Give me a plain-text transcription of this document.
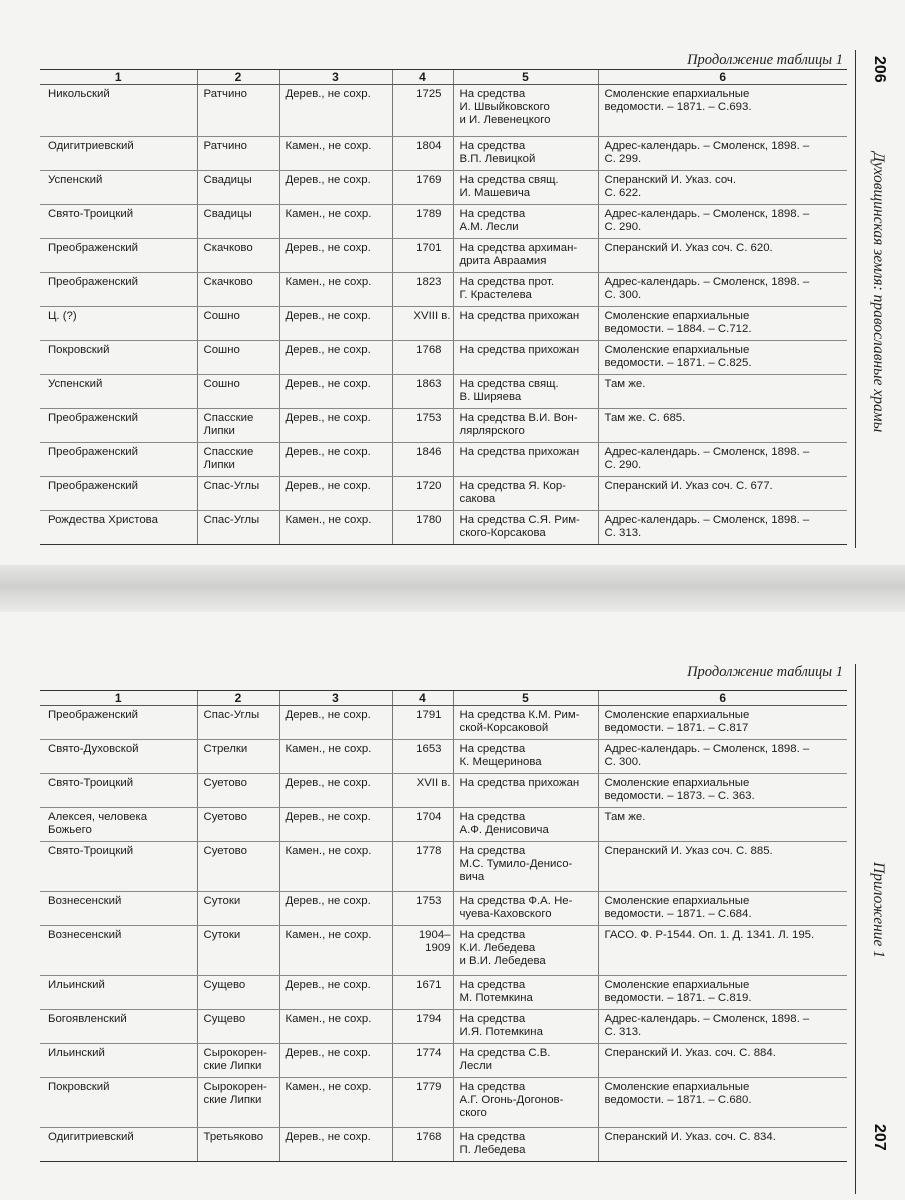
Продолжение таблицы 1	206
Духовщинская земля: православные храмы
1	2	3	4	5	6
Никольский	Ратчино	Дерев., не сохр.	1725	На средства
И. Швыйковского
и И. Левенецкого	Смоленские епархиальные
ведомости. – 1871. – С.693.
Одигитриевский	Ратчино	Камен., не сохр.	1804	На средства
В.П. Левицкой	Адрес-календарь. – Смоленск, 1898. –
С. 299.
Успенский	Свадицы	Дерев., не сохр.	1769	На средства свящ.
И. Машевича	Сперанский И. Указ. соч.
С. 622.
Свято-Троицкий	Свадицы	Камен., не сохр.	1789	На средства
А.М. Лесли	Адрес-календарь. – Смоленск, 1898. –
С. 290.
Преображенский	Скачково	Дерев., не сохр.	1701	На средства архиман-
дрита Авраамия	Сперанский И. Указ соч. С. 620.
Преображенский	Скачково	Камен., не сохр.	1823	На средства прот.
Г. Крастелева	Адрес-календарь. – Смоленск, 1898. –
С. 300.
Ц. (?)	Сошно	Дерев., не сохр.	XVIII в.	На средства прихожан	Смоленские епархиальные
ведомости. – 1884. – С.712.
Покровский	Сошно	Дерев., не сохр.	1768	На средства прихожан	Смоленские епархиальные
ведомости. – 1871. – С.825.
Успенский	Сошно	Дерев., не сохр.	1863	На средства свящ.
В. Ширяева	Там же.
Преображенский	Спасские
Липки	Дерев., не сохр.	1753	На средства В.И. Вон-
лярлярского	Там же. С. 685.
Преображенский	Спасские
Липки	Дерев., не сохр.	1846	На средства прихожан	Адрес-календарь. – Смоленск, 1898. –
С. 290.
Преображенский	Спас-Углы	Дерев., не сохр.	1720	На средства Я. Кор-
сакова	Сперанский И. Указ соч. С. 677.
Рождества Христова	Спас-Углы	Камен., не сохр.	1780	На средства С.Я. Рим-
ского-Корсакова	Адрес-календарь. – Смоленск, 1898. –
С. 313.
Продолжение таблицы 1
Приложение 1
207
1	2	3	4	5	6
Преображенский	Спас-Углы	Дерев., не сохр.	1791	На средства К.М. Рим-
ской-Корсаковой	Смоленские епархиальные
ведомости. – 1871. – С.817
Свято-Духовской	Стрелки	Камен., не сохр.	1653	На средства
К. Мещеринова	Адрес-календарь. – Смоленск, 1898. –
С. 300.
Свято-Троицкий	Суетово	Дерев., не сохр.	XVII в.	На средства прихожан	Смоленские епархиальные
ведомости. – 1873. – С. 363.
Алексея, человека
Божьего	Суетово	Дерев., не сохр.	1704	На средства
А.Ф. Денисовича	Там же.
Свято-Троицкий	Суетово	Камен., не сохр.	1778	На средства
М.С. Тумило-Денисо-
вича	Сперанский И. Указ соч. С. 885.
Вознесенский	Сутоки	Дерев., не сохр.	1753	На средства Ф.А. Не-
чуева-Каховского	Смоленские епархиальные
ведомости. – 1871. – С.684.
Вознесенский	Сутоки	Камен., не сохр.	1904–1909	На средства
К.И. Лебедева
и В.И. Лебедева	ГАСО. Ф. Р-1544. Оп. 1. Д. 1341. Л. 195.
Ильинский	Сущево	Дерев., не сохр.	1671	На средства
М. Потемкина	Смоленские епархиальные
ведомости. – 1871. – С.819.
Богоявленский	Сущево	Камен., не сохр.	1794	На средства
И.Я. Потемкина	Адрес-календарь. – Смоленск, 1898. –
С. 313.
Ильинский	Сырокорен-
ские Липки	Дерев., не сохр.	1774	На средства С.В.
Лесли	Сперанский И. Указ. соч. С. 884.
Покровский	Сырокорен-
ские Липки	Камен., не сохр.	1779	На средства
А.Г. Огонь-Догонов-
ского	Смоленские епархиальные
ведомости. – 1871. – С.680.
Одигитриевский	Третьяково	Дерев., не сохр.	1768	На средства
П. Лебедева	Сперанский И. Указ. соч. С. 834.
